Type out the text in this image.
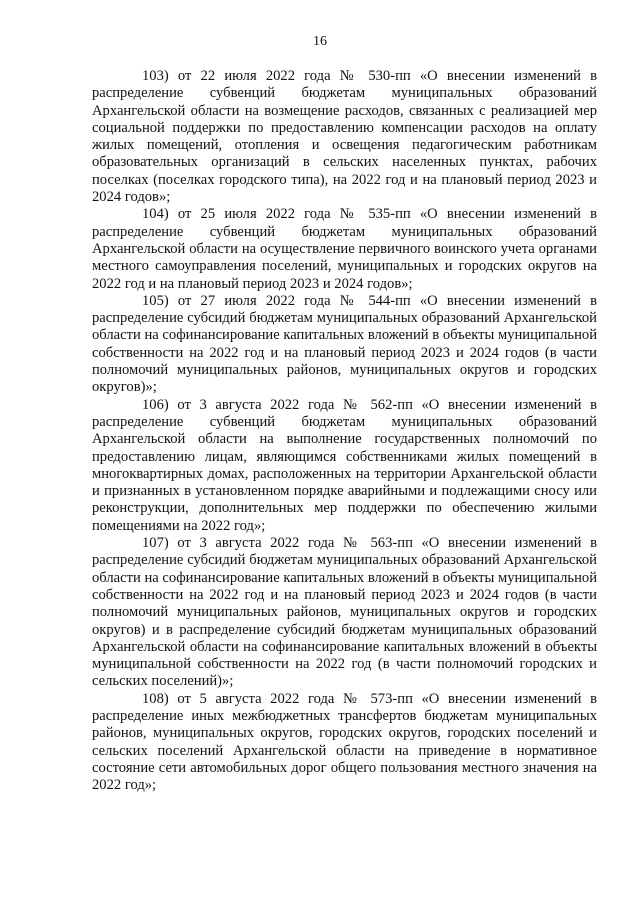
16

103) от 22 июля 2022 года № 530-пп «О внесении изменений в распределение субвенций бюджетам муниципальных образований Архангельской области на возмещение расходов, связанных с реализацией мер социальной поддержки по предоставлению компенсации расходов на оплату жилых помещений, отопления и освещения педагогическим работникам образовательных организаций в сельских населенных пунктах, рабочих поселках (поселках городского типа), на 2022 год и на плановый период 2023 и 2024 годов»;

104) от 25 июля 2022 года № 535-пп «О внесении изменений в распределение субвенций бюджетам муниципальных образований Архангельской области на осуществление первичного воинского учета органами местного самоуправления поселений, муниципальных и городских округов на 2022 год и на плановый период 2023 и 2024 годов»;

105) от 27 июля 2022 года № 544-пп «О внесении изменений в распределение субсидий бюджетам муниципальных образований Архангельской области на софинансирование капитальных вложений в объекты муниципальной собственности на 2022 год и на плановый период 2023 и 2024 годов (в части полномочий муниципальных районов, муниципальных округов и городских округов)»;

106) от 3 августа 2022 года № 562-пп «О внесении изменений в распределение субвенций бюджетам муниципальных образований Архангельской области на выполнение государственных полномочий по предоставлению лицам, являющимся собственниками жилых помещений в многоквартирных домах, расположенных на территории Архангельской области и признанных в установленном порядке аварийными и подлежащими сносу или реконструкции, дополнительных мер поддержки по обеспечению жилыми помещениями на 2022 год»;

107) от 3 августа 2022 года № 563-пп «О внесении изменений в распределение субсидий бюджетам муниципальных образований Архангельской области на софинансирование капитальных вложений в объекты муниципальной собственности на 2022 год и на плановый период 2023 и 2024 годов (в части полномочий муниципальных районов, муниципальных округов и городских округов) и в распределение субсидий бюджетам муниципальных образований Архангельской области на софинансирование капитальных вложений в объекты муниципальной собственности на 2022 год (в части полномочий городских и сельских поселений)»;

108) от 5 августа 2022 года № 573-пп «О внесении изменений в распределение иных межбюджетных трансфертов бюджетам муниципальных районов, муниципальных округов, городских округов, городских поселений и сельских поселений Архангельской области на приведение в нормативное состояние сети автомобильных дорог общего пользования местного значения на 2022 год»;
